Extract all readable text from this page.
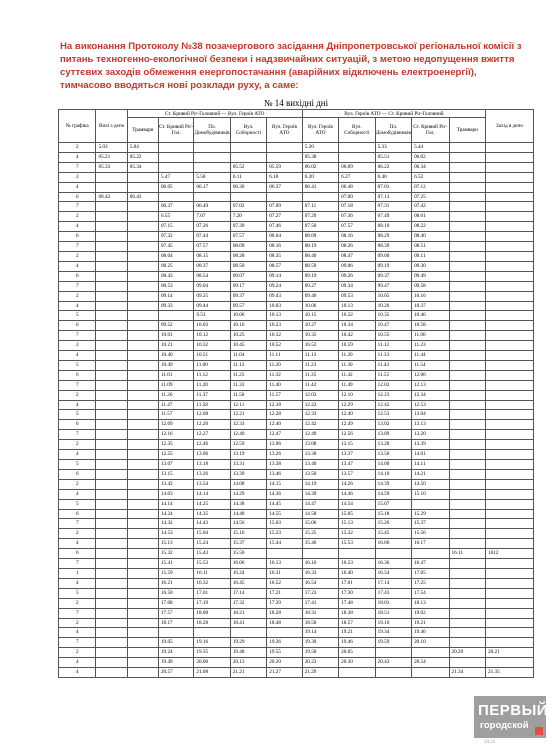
На виконання Протоколу №38 позачергового засідання Дніпропетровської регіональної комісії з питань техногенно-екологічної безпеки і надзвичайних ситуацій, з метою недопущення вжиття суттєвих заходів обмеження енергопостачання (аварійних відключень електроенергії), тимчасово вводяться нові розклади руху, а саме:
№ 14 вихідні дні
№ графіка	Вихі з депо	Ст. Кривий Ріг-Головний — Вул. Героїв АТО					Вул. Героїв АТО — Ст. Кривий Ріг-Головний					Захід в депо
		Трамвари	Ст. Кривий Ріг-Гол.	Пл. Домобудівників	Вул. Соборності	Вул. Героїв АТО	Вул. Героїв АТО	Вул. Соборності	Пл. Домобудівників	Ст. Кривий Ріг-Гол.	Трамвари	
2	5.03	5.04					5.20		5.33	5.44		
4	05.21	05.22					05.38		05.51	06.02		
7	05.33	05.34			05.52	05.59	06.02	06.09	06.22	06.34		
2			5.47	5.58	6.11	6.18	6.20	6.27	6.40	6.52		
4			06.05	06.17	06.30	06.37	06.41	06.48	07.01	07.12		
6	06.42	06.43						07.00	07.13	07.25		
7			06.37	06.49	07.02	07.09	07.11	07.18	07.31	07.42		
2			6.55	7.07	7.20	07.27	07.29	07.36	07.49	08.01		
4			07.15	07.26	07.39	07.46	07.50	07.57	08.10	08.22		
6			07.32	07.44	07.57	08.04	08.09	08.16	08.29	08.40		
7			07.45	07.57	08.09	08.16	08.19	08.26	08.39	08.51		
2			08.04	08.15	08.28	08.35	08.40	08.47	09.00	09.11		
4			08.25	08.37	08.50	08.57	08.59	09.06	09.19	09.30		
6			08.43	08.54	09.07	09.14	09.19	09.26	09.37	09.49		
7			08.53	09.04	09.17	09.24	09.27	09.34	09.47	09.58		
2			09.14	09.25	09.37	09.43	09.46	09.53	10.05	10.16		
4			09.33	09.44	09.57	10.03	10.06	10.13	10.26	10.37		
5				9.53	10.06	10.13	10.15	10.22	10.35	10.46		
6			09.52	10.03	10.16	10.23	10.27	10.34	10.47	10.58		
7			10.01	10.12	10.25	10.32	10.35	10.42	10.55	11.06		
2			10.21	10.32	10.45	10.52	10.52	10.59	11.12	11.23		
4			10.40	10.51	11.04	11.11	11.13	11.20	11.33	11.44		
5			10.49	11.00	11.13	11.20	11.23	11.30	11.43	11.54		
6			11.01	11.12	11.25	11.32	11.35	11.42	11.55	12.06		
7			11.09	11.20	11.33	11.40	11.42	11.49	12.02	12.13		
2			11.26	11.37	11.50	11.57	12.03	12.10	12.23	12.34		
4			11.47	11.58	12.11	12.18	12.22	12.29	12.42	12.53		
5			11.57	12.08	12.21	12.28	12.33	12.40	12.53	13.04		
6			12.09	12.20	12.33	12.40	12.42	12.49	13.02	13.13		
7			12.16	12.27	12.40	12.47	12.49	12.56	13.09	13.20		
2			12.35	12.46	12.59	13.06	13.08	13.15	13.28	13.39		
4			12.55	13.06	13.19	13.26	13.30	13.37	13.50	14.01		
5			13.07	13.18	13.31	13.38	13.40	13.47	14.00	14.11		
6			13.15	13.26	13.39	13.46	13.50	13.57	14.10	14.21		
2			13.42	13.54	14.08	14.15	14.19	14.26	14.39	14.50		
4			14.03	14.14	14.29	14.36	14.39	14.46	14.59	15.10		
5			14.14	14.25	14.38	14.45	14.47	14.54	15.07			
6			14.24	14.35	14.48	14.55	14.58	15.05	15.18	15.29		
7			14.32	14.43	14.56	15.03	15.06	15.13	15.26	15.37		
2			14.53	15.04	15.16	15.23	15.25	15.32	15.45	15.56		
4			15.13	15.24	15.37	15.44	15.46	15.53	16.06	16.17		
6			15.32	15.43	15.56						16.11	1612
7			15.41	15.53	16.06	16.13	16.16	16.23	16.36	16.47		
1			15.59	16.11	16.24	16.31	16.33	16.40	16.54	17.05		
4			16.21	16.32	16.45	16.52	16.54	17.01	17.14	17.25		
5			16.50	17.01	17.14	17.21	17.23	17.30	17.43	17.54		
2			17.08	17.19	17.32	17.39	17.41	17.48	18.01	18.13		
7			17.57	18.08	18.21	18.28	18.31	18.38	18.51	19.02		
2			18.17	18.28	18.41	18.48	18.50	18.57	19.10	19.21		
4							19.14	19.21	19.34	19.46		
7			19.05	19.16	19.29	19.36	19.39	19.46	19.59	20.10		
2			19.24	19.35	19.48	19.55	19.58	20.05			20.20	20.21
4			19.49	20.00	20.13	20.20	20.23	20.30	20.43	20.54		
4			20.57	21.08	21.21	21.27	21.29				21.34	21.35
ПЕРВЫЙ
городской
20.21
